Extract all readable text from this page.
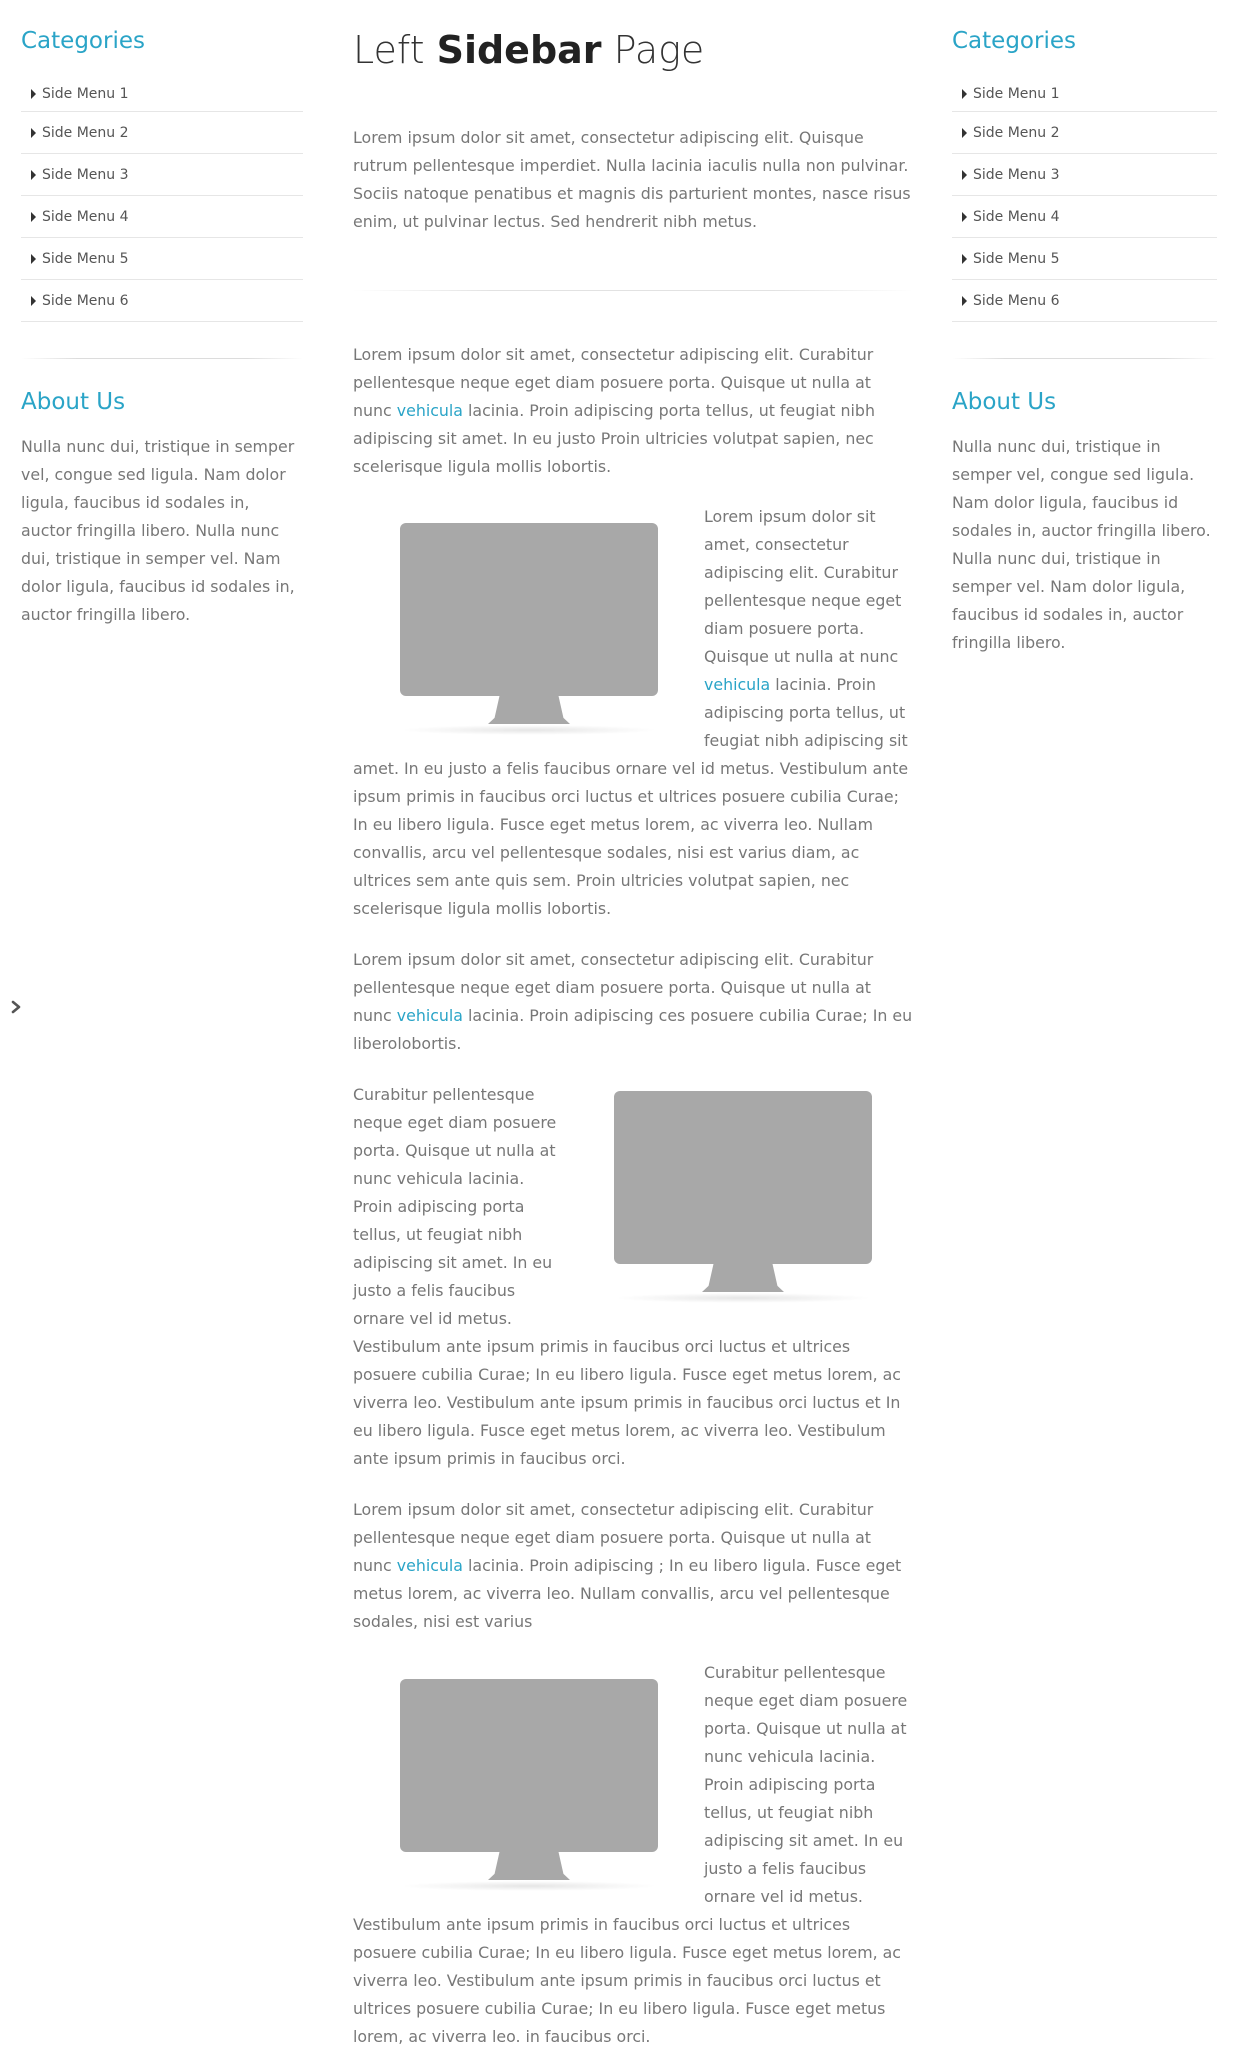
Categories
Side Menu 1
Side Menu 2
Side Menu 3
Side Menu 4
Side Menu 5
Side Menu 6
About Us

Nulla nunc dui, tristique in semper vel, congue sed ligula. Nam dolor ligula, faucibus id sodales in, auctor fringilla libero. Nulla nunc dui, tristique in semper vel. Nam dolor ligula, faucibus id sodales in, auctor fringilla libero.

Left Sidebar Page

Lorem ipsum dolor sit amet, consectetur adipiscing elit. Quisque rutrum pellentesque imperdiet. Nulla lacinia iaculis nulla non pulvinar. Sociis natoque penatibus et magnis dis parturient montes, nasce risus enim, ut pulvinar lectus. Sed hendrerit nibh metus.

Lorem ipsum dolor sit amet, consectetur adipiscing elit. Curabitur pellentesque neque eget diam posuere porta. Quisque ut nulla at nunc vehicula lacinia. Proin adipiscing porta tellus, ut feugiat nibh adipiscing sit amet. In eu justo Proin ultricies volutpat sapien, nec scelerisque ligula mollis lobortis.

Lorem ipsum dolor sit amet, consectetur adipiscing elit. Curabitur pellentesque neque eget diam posuere porta. Quisque ut nulla at nunc vehicula lacinia. Proin adipiscing porta tellus, ut feugiat nibh adipiscing sit amet. In eu justo a felis faucibus ornare vel id metus. Vestibulum ante ipsum primis in faucibus orci luctus et ultrices posuere cubilia Curae; In eu libero ligula. Fusce eget metus lorem, ac viverra leo. Nullam convallis, arcu vel pellentesque sodales, nisi est varius diam, ac ultrices sem ante quis sem. Proin ultricies volutpat sapien, nec scelerisque ligula mollis lobortis.

Lorem ipsum dolor sit amet, consectetur adipiscing elit. Curabitur pellentesque neque eget diam posuere porta. Quisque ut nulla at nunc vehicula lacinia. Proin adipiscing ces posuere cubilia Curae; In eu liberolobortis.

Curabitur pellentesque neque eget diam posuere porta. Quisque ut nulla at nunc vehicula lacinia. Proin adipiscing porta tellus, ut feugiat nibh adipiscing sit amet. In eu justo a felis faucibus ornare vel id metus. Vestibulum ante ipsum primis in faucibus orci luctus et ultrices posuere cubilia Curae; In eu libero ligula. Fusce eget metus lorem, ac viverra leo. Vestibulum ante ipsum primis in faucibus orci luctus et In eu libero ligula. Fusce eget metus lorem, ac viverra leo. Vestibulum ante ipsum primis in faucibus orci.

Lorem ipsum dolor sit amet, consectetur adipiscing elit. Curabitur pellentesque neque eget diam posuere porta. Quisque ut nulla at nunc vehicula lacinia. Proin adipiscing ; In eu libero ligula. Fusce eget metus lorem, ac viverra leo. Nullam convallis, arcu vel pellentesque sodales, nisi est varius

Curabitur pellentesque neque eget diam posuere porta. Quisque ut nulla at nunc vehicula lacinia. Proin adipiscing porta tellus, ut feugiat nibh adipiscing sit amet. In eu justo a felis faucibus ornare vel id metus. Vestibulum ante ipsum primis in faucibus orci luctus et ultrices posuere cubilia Curae; In eu libero ligula. Fusce eget metus lorem, ac viverra leo. Vestibulum ante ipsum primis in faucibus orci luctus et ultrices posuere cubilia Curae; In eu libero ligula. Fusce eget metus lorem, ac viverra leo. in faucibus orci.

Categories
Side Menu 1
Side Menu 2
Side Menu 3
Side Menu 4
Side Menu 5
Side Menu 6
About Us

Nulla nunc dui, tristique in semper vel, congue sed ligula. Nam dolor ligula, faucibus id sodales in, auctor fringilla libero. Nulla nunc dui, tristique in semper vel. Nam dolor ligula, faucibus id sodales in, auctor fringilla libero.
